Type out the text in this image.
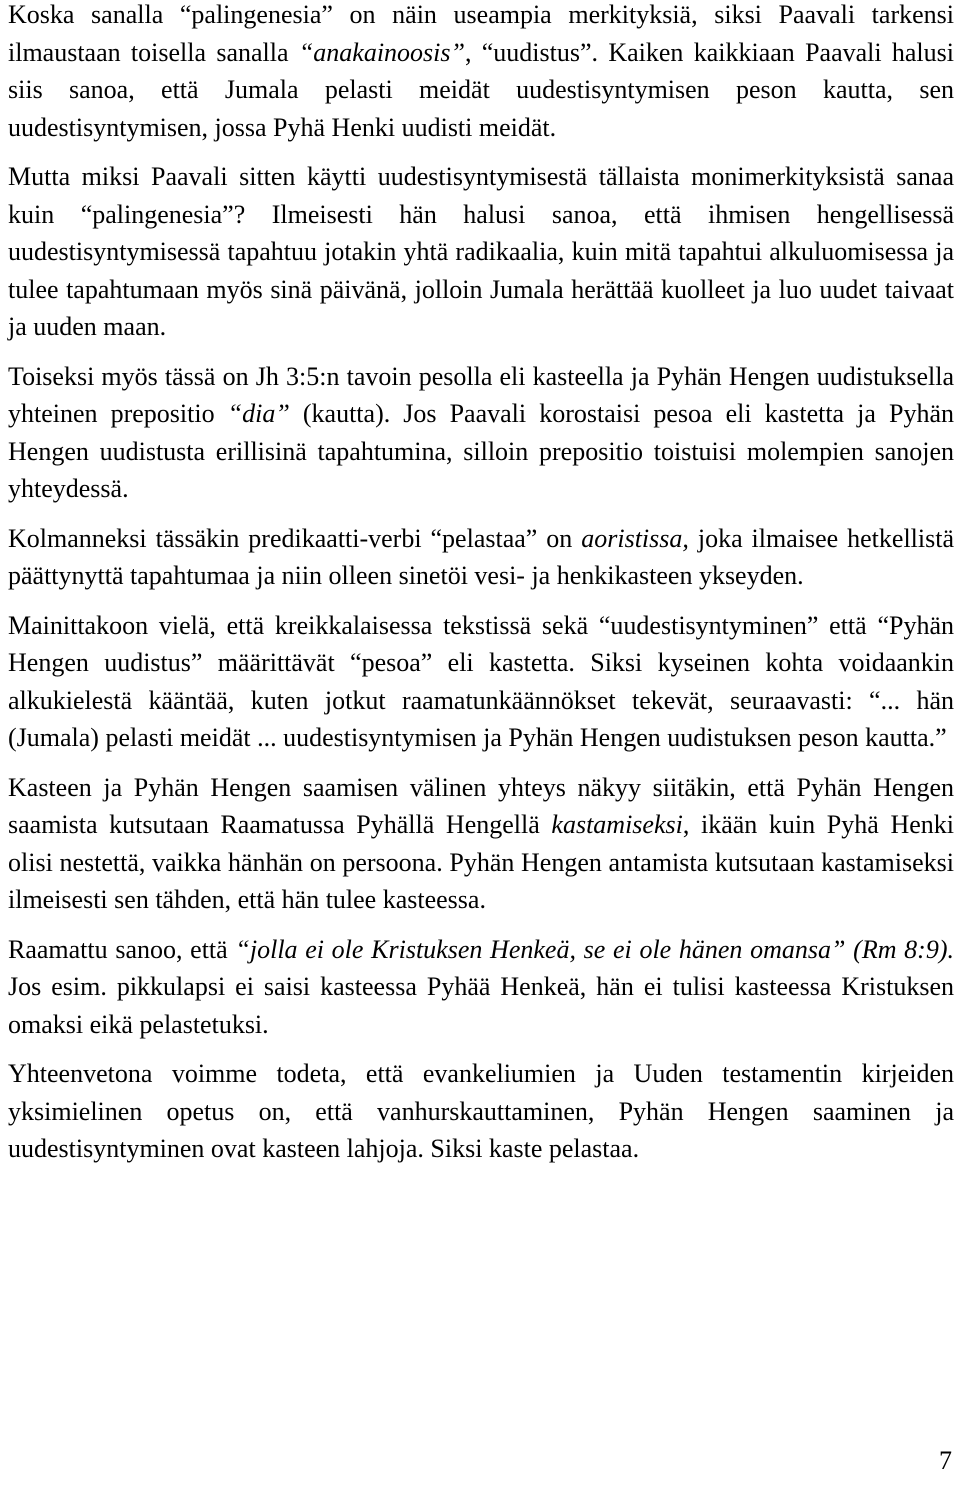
Koska sanalla “palingenesia” on näin useampia merkityksiä, siksi Paavali tarkensi ilmaustaan toisella sanalla “anakainoosis”, “uudistus”. Kaiken kaikkiaan Paavali halusi siis sanoa, että Jumala pelasti meidät uudestisyntymisen peson kautta, sen uudestisyntymisen, jossa Pyhä Henki uudisti meidät.

Mutta miksi Paavali sitten käytti uudestisyntymisestä tällaista monimerkityksistä sanaa kuin “palingenesia”? Ilmeisesti hän halusi sanoa, että ihmisen hengellisessä uudestisyntymisessä tapahtuu jotakin yhtä radikaalia, kuin mitä tapahtui alkuluomisessa ja tulee tapahtumaan myös sinä päivänä, jolloin Jumala herättää kuolleet ja luo uudet taivaat ja uuden maan.

Toiseksi myös tässä on Jh 3:5:n tavoin pesolla eli kasteella ja Pyhän Hengen uudistuksella yhteinen prepositio “dia” (kautta). Jos Paavali korostaisi pesoa eli kastetta ja Pyhän Hengen uudistusta erillisinä tapahtumina, silloin prepositio toistuisi molempien sanojen yhteydessä.

Kolmanneksi tässäkin predikaatti-verbi “pelastaa” on aoristissa, joka ilmaisee hetkellistä päättynyttä tapahtumaa ja niin olleen sinetöi vesi- ja henkikasteen ykseyden.

Mainittakoon vielä, että kreikkalaisessa tekstissä sekä “uudestisyntyminen” että “Pyhän Hengen uudistus” määrittävät “pesoa” eli kastetta. Siksi kyseinen kohta voidaankin alkukielestä kääntää, kuten jotkut raamatunkäännökset tekevät, seuraavasti: “... hän (Jumala) pelasti meidät ... uudestisyntymisen ja Pyhän Hengen uudistuksen peson kautta.”

Kasteen ja Pyhän Hengen saamisen välinen yhteys näkyy siitäkin, että Pyhän Hengen saamista kutsutaan Raamatussa Pyhällä Hengellä kastamiseksi, ikään kuin Pyhä Henki olisi nestettä, vaikka hänhän on persoona. Pyhän Hengen antamista kutsutaan kastamiseksi ilmeisesti sen tähden, että hän tulee kasteessa.

Raamattu sanoo, että “jolla ei ole Kristuksen Henkeä, se ei ole hänen omansa” (Rm 8:9). Jos esim. pikkulapsi ei saisi kasteessa Pyhää Henkeä, hän ei tulisi kasteessa Kristuksen omaksi eikä pelastetuksi.

Yhteenvetona voimme todeta, että evankeliumien ja Uuden testamentin kirjeiden yksimielinen opetus on, että vanhurskauttaminen, Pyhän Hengen saaminen ja uudestisyntyminen ovat kasteen lahjoja. Siksi kaste pelastaa.

7
